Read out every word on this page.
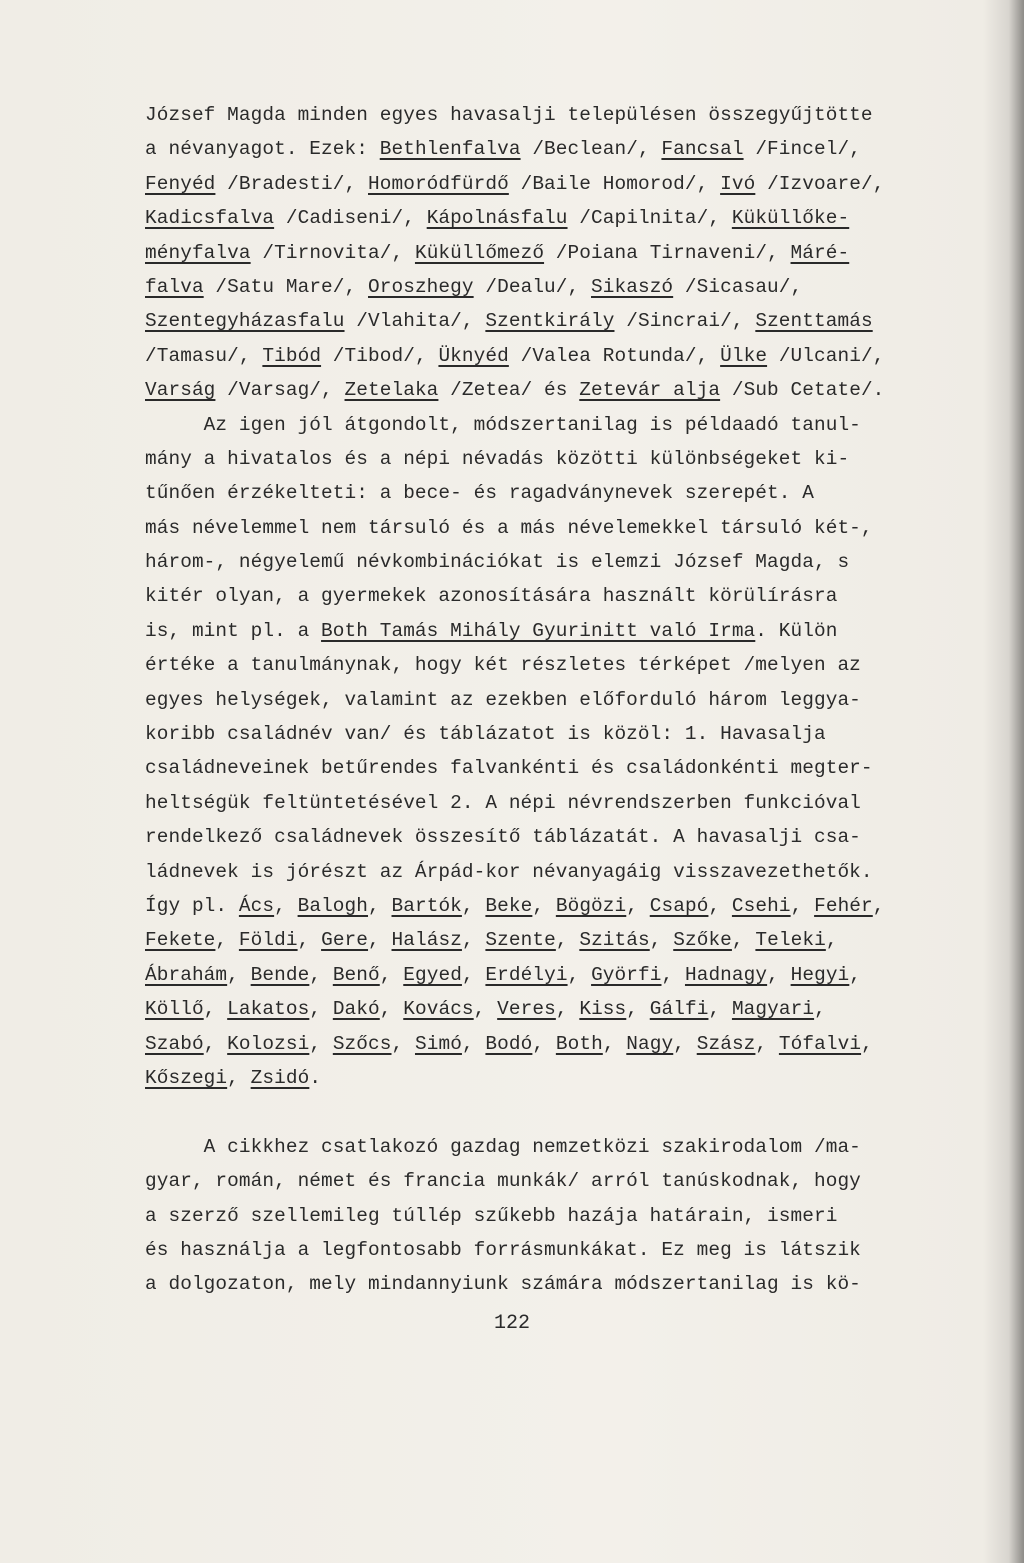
József Magda minden egyes havasalji településen összegyűjtötte
a névanyagot. Ezek: Bethlenfalva /Beclean/, Fancsal /Fincel/,
Fenyéd /Bradesti/, Homoródfürdő /Baile Homorod/, Ivó /Izvoare/,
Kadicsfalva /Cadiseni/, Kápolnásfalu /Capilnita/, Küküllőke-
ményfalva /Tirnovita/, Küküllőmező /Poiana Tirnaveni/, Máré-
falva /Satu Mare/, Oroszhegy /Dealu/, Sikaszó /Sicasau/,
Szentegyházasfalu /Vlahita/, Szentkirály /Sincrai/, Szenttamás
/Tamasu/, Tibód /Tibod/, Üknyéd /Valea Rotunda/, Ülke /Ulcani/,
Varság /Varsag/, Zetelaka /Zetea/ és Zetevár alja /Sub Cetate/.
Az igen jól átgondolt, módszertanilag is példaadó tanul-
mány a hivatalos és a népi névadás közötti különbségeket ki-
tűnően érzékelteti: a bece- és ragadványnevek szerepét. A
más névelemmel nem társuló és a más névelemekkel társuló két-,
három-, négyelemű névkombinációkat is elemzi József Magda, s
kitér olyan, a gyermekek azonosítására használt körülírásra
is, mint pl. a Both Tamás Mihály Gyurinitt való Irma. Külön
értéke a tanulmánynak, hogy két részletes térképet /melyen az
egyes helységek, valamint az ezekben előforduló három leggya-
koribb családnév van/ és táblázatot is közöl: 1. Havasalja
családneveinek betűrendes falvankénti és családonkénti megter-
heltségük feltüntetésével 2. A népi névrendszerben funkcióval
rendelkező családnevek összesítő táblázatát. A havasalji csa-
ládnevek is jórészt az Árpád-kor névanyagáig visszavezethetők.
Így pl. Ács, Balogh, Bartók, Beke, Bögözi, Csapó, Csehi, Fehér,
Fekete, Földi, Gere, Halász, Szente, Szitás, Szőke, Teleki,
Ábrahám, Bende, Benő, Egyed, Erdélyi, Györfi, Hadnagy, Hegyi,
Köllő, Lakatos, Dakó, Kovács, Veres, Kiss, Gálfi, Magyari,
Szabó, Kolozsi, Szőcs, Simó, Bodó, Both, Nagy, Szász, Tófalvi,
Kőszegi, Zsidó.
A cikkhez csatlakozó gazdag nemzetközi szakirodalom /ma-
gyar, román, német és francia munkák/ arról tanúskodnak, hogy
a szerző szellemileg túllép szűkebb hazája határain, ismeri
és használja a legfontosabb forrásmunkákat. Ez meg is látszik
a dolgozaton, mely mindannyiunk számára módszertanilag is kö-
122
